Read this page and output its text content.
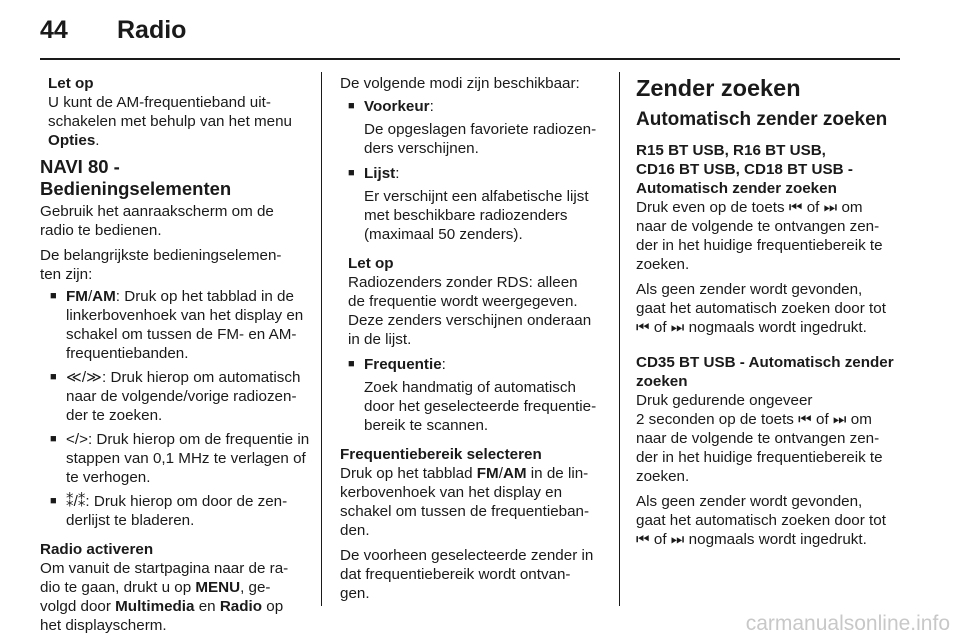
44 Radio
Let op
U kunt de AM-frequentieband uit-
schakelen met behulp van het menu
Opties.
NAVI 80 - Bedieningselementen

Gebruik het aanraakscherm om de
radio te bedienen.

De belangrijkste bedieningselemen-
ten zijn:

■ FM/AM: Druk op het tabblad in de linkerbovenhoek van het display en schakel om tussen de FM- en AM-frequentiebanden.
■ ≪/≫: Druk hierop om automatisch naar de volgende/vorige radiozen-der te zoeken.
■ </>: Druk hierop om de frequentie in stappen van 0,1 MHz te verlagen of te verhogen.
■ ⁑/⁑: Druk hierop om door de zen-derlijst te bladeren.
Radio activeren
Om vanuit de startpagina naar de ra-
dio te gaan, drukt u op MENU, ge-
volgd door Multimedia en Radio op
het displayscherm.

De volgende modi zijn beschikbaar:

■ Voorkeur:
De opgeslagen favoriete radiozen-ders verschijnen.
■ Lijst:
Er verschijnt een alfabetische lijst met beschikbare radiozenders (maximaal 50 zenders).
Let op
Radiozenders zonder RDS: alleen
de frequentie wordt weergegeven.
Deze zenders verschijnen onderaan
in de lijst.
■ Frequentie:
Zoek handmatig of automatisch door het geselecteerde frequentie-bereik te scannen.
Frequentiebereik selecteren

Druk op het tabblad FM/AM in de lin-
kerbovenhoek van het display en
schakel om tussen de frequentieban-
den.

De voorheen geselecteerde zender in
dat frequentiebereik wordt ontvan-
gen.

Zender zoeken
Automatisch zender zoeken
R15 BT USB, R16 BT USB,
CD16 BT USB, CD18 BT USB -
Automatisch zender zoeken

Druk even op de toets ⏮ of ⏭ om
naar de volgende te ontvangen zen-
der in het huidige frequentiebereik te
zoeken.

Als geen zender wordt gevonden,
gaat het automatisch zoeken door tot
⏮ of ⏭ nogmaals wordt ingedrukt.

CD35 BT USB - Automatisch zender
zoeken

Druk gedurende ongeveer
2 seconden op de toets ⏮ of ⏭ om
naar de volgende te ontvangen zen-
der in het huidige frequentiebereik te
zoeken.

Als geen zender wordt gevonden,
gaat het automatisch zoeken door tot
⏮ of ⏭ nogmaals wordt ingedrukt.

carmanualsonline.info
